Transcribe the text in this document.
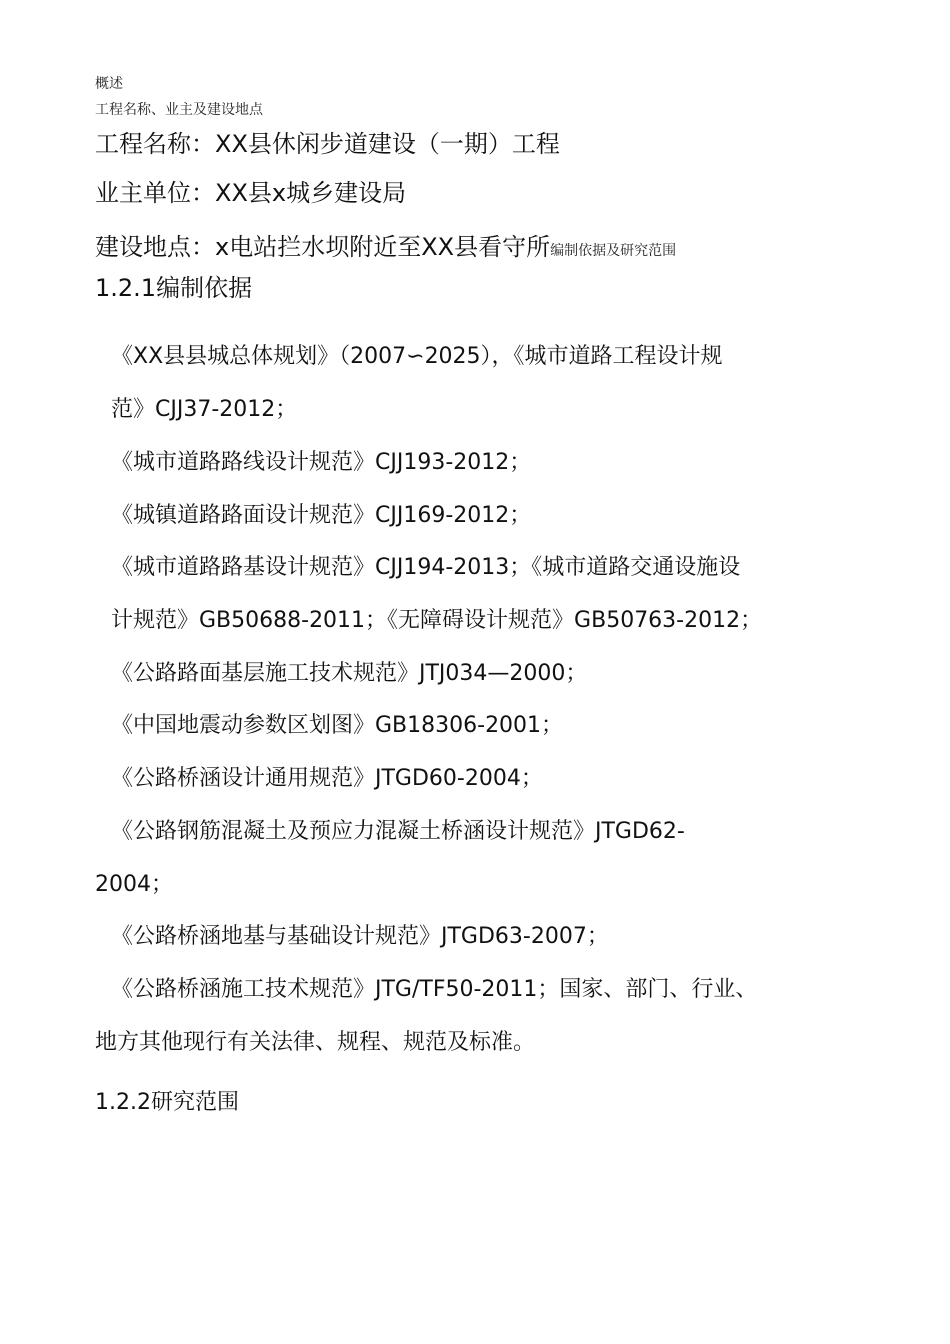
概述

工程名称、业主及建设地点

工程名称：XX县休闲步道建设（一期）工程

业主单位：XX县x城乡建设局

建设地点：x电站拦水坝附近至XX县看守所编制依据及研究范围

1.2.1编制依据

《XX县县城总体规划》（2007∽2025），《城市道路工程设计规

范》CJJ37-2012；

《城市道路路线设计规范》CJJ193-2012；

《城镇道路路面设计规范》CJJ169-2012；

《城市道路路基设计规范》CJJ194-2013；《城市道路交通设施设

计规范》GB50688-2011；《无障碍设计规范》GB50763-2012；

《公路路面基层施工技术规范》JTJ034—2000；

《中国地震动参数区划图》GB18306-2001；

《公路桥涵设计通用规范》JTGD60-2004；

《公路钢筋混凝土及预应力混凝土桥涵设计规范》JTGD62-

2004；

《公路桥涵地基与基础设计规范》JTGD63-2007；

《公路桥涵施工技术规范》JTG/TF50-2011；国家、部门、行业、

地方其他现行有关法律、规程、规范及标准。

1.2.2研究范围
